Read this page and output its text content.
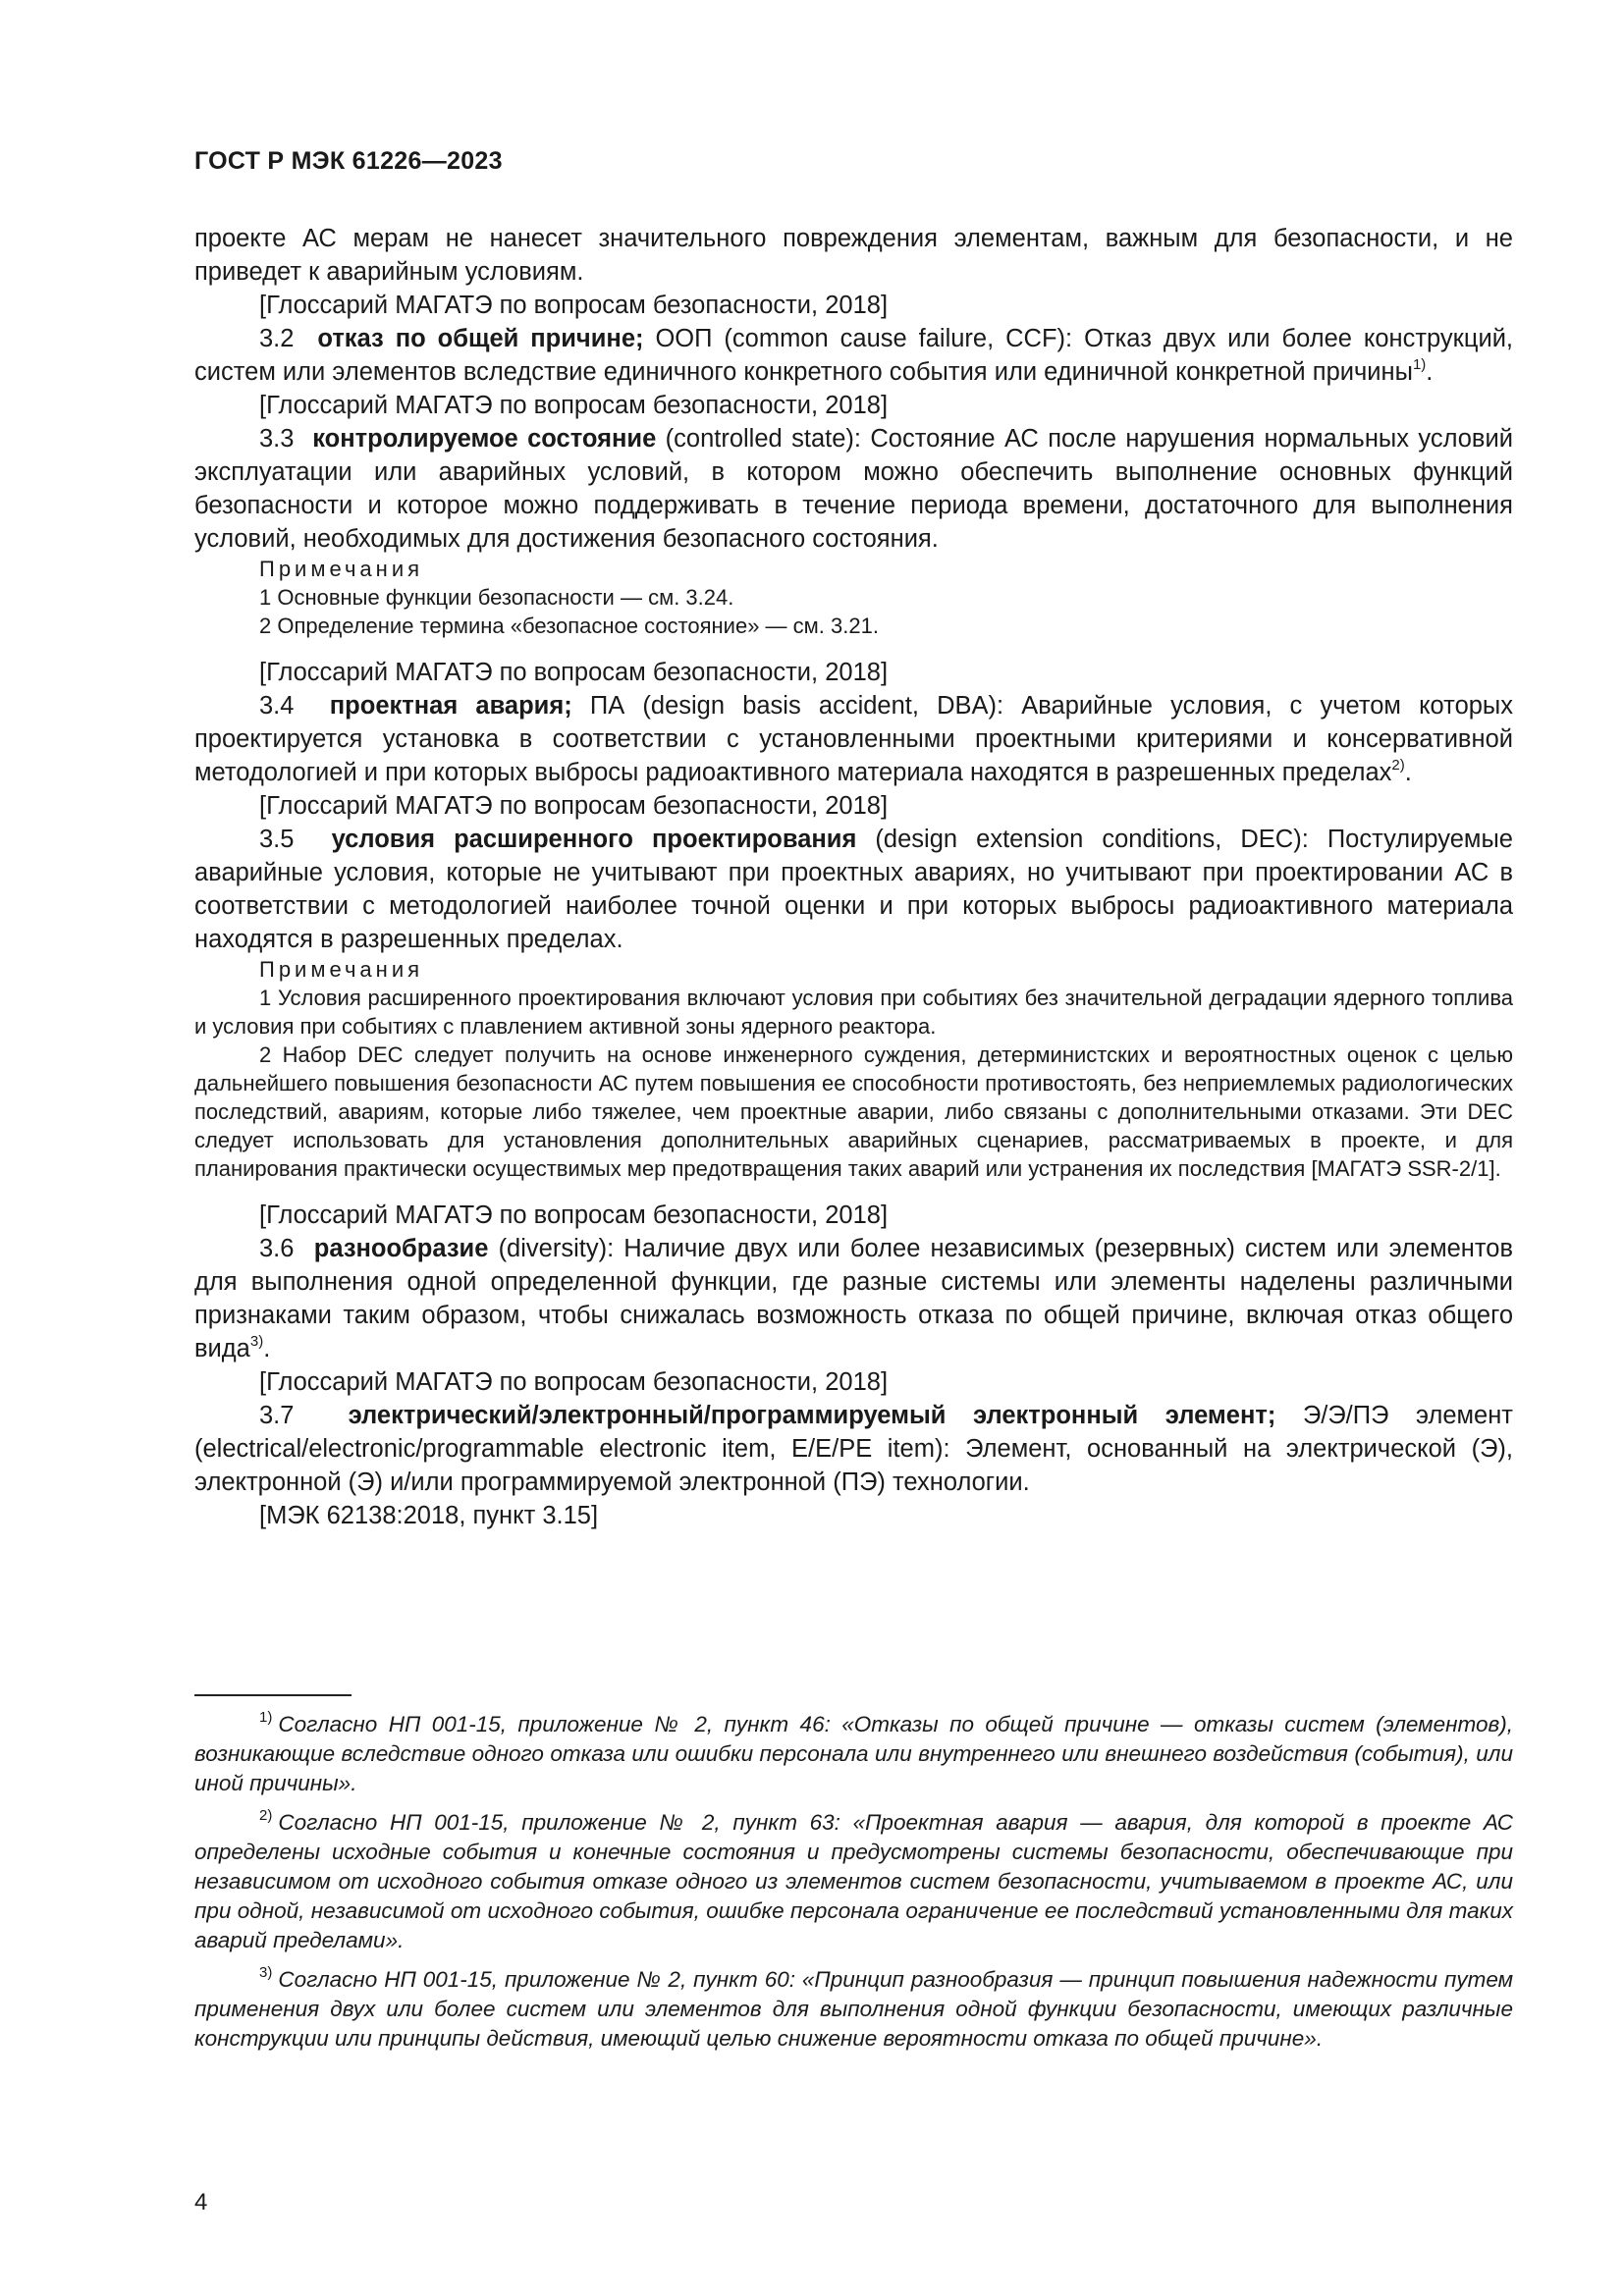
ГОСТ Р МЭК 61226—2023

проекте АС мерам не нанесет значительного повреждения элементам, важным для безопасности, и не приведет к аварийным условиям.

[Глоссарий МАГАТЭ по вопросам безопасности, 2018]

3.2 отказ по общей причине; ООП (common cause failure, CCF): Отказ двух или более конструкций, систем или элементов вследствие единичного конкретного события или единичной конкретной причины$^{1)}$.

[Глоссарий МАГАТЭ по вопросам безопасности, 2018]

3.3 контролируемое состояние (controlled state): Состояние АС после нарушения нормальных условий эксплуатации или аварийных условий, в котором можно обеспечить выполнение основных функций безопасности и которое можно поддерживать в течение периода времени, достаточного для выполнения условий, необходимых для достижения безопасного состояния.

Примечания

1 Основные функции безопасности — см. 3.24.

2 Определение термина «безопасное состояние» — см. 3.21.

[Глоссарий МАГАТЭ по вопросам безопасности, 2018]

3.4 проектная авария; ПА (design basis accident, DBA): Аварийные условия, с учетом которых проектируется установка в соответствии с установленными проектными критериями и консервативной методологией и при которых выбросы радиоактивного материала находятся в разрешенных пределах$^{2)}$.

[Глоссарий МАГАТЭ по вопросам безопасности, 2018]

3.5 условия расширенного проектирования (design extension conditions, DEC): Постулируемые аварийные условия, которые не учитывают при проектных авариях, но учитывают при проектировании АС в соответствии с методологией наиболее точной оценки и при которых выбросы радиоактивного материала находятся в разрешенных пределах.

Примечания

1 Условия расширенного проектирования включают условия при событиях без значительной деградации ядерного топлива и условия при событиях с плавлением активной зоны ядерного реактора.

2 Набор DEC следует получить на основе инженерного суждения, детерминистских и вероятностных оценок с целью дальнейшего повышения безопасности АС путем повышения ее способности противостоять, без неприемлемых радиологических последствий, авариям, которые либо тяжелее, чем проектные аварии, либо связаны с дополнительными отказами. Эти DEC следует использовать для установления дополнительных аварийных сценариев, рассматриваемых в проекте, и для планирования практически осуществимых мер предотвращения таких аварий или устранения их последствия [МАГАТЭ SSR-2/1].

[Глоссарий МАГАТЭ по вопросам безопасности, 2018]

3.6 разнообразие (diversity): Наличие двух или более независимых (резервных) систем или элементов для выполнения одной определенной функции, где разные системы или элементы наделены различными признаками таким образом, чтобы снижалась возможность отказа по общей причине, включая отказ общего вида$^{3)}$.

[Глоссарий МАГАТЭ по вопросам безопасности, 2018]

3.7 электрический/электронный/программируемый электронный элемент; Э/Э/ПЭ элемент (electrical/electronic/programmable electronic item, E/E/PE item): Элемент, основанный на электрической (Э), электронной (Э) и/или программируемой электронной (ПЭ) технологии.

[МЭК 62138:2018, пункт 3.15]

$^{1)}$ Согласно НП 001-15, приложение № 2, пункт 46: «Отказы по общей причине — отказы систем (элементов), возникающие вследствие одного отказа или ошибки персонала или внутреннего или внешнего воздействия (события), или иной причины».

$^{2)}$ Согласно НП 001-15, приложение № 2, пункт 63: «Проектная авария — авария, для которой в проекте АС определены исходные события и конечные состояния и предусмотрены системы безопасности, обеспечивающие при независимом от исходного события отказе одного из элементов систем безопасности, учитываемом в проекте АС, или при одной, независимой от исходного события, ошибке персонала ограничение ее последствий установленными для таких аварий пределами».

$^{3)}$ Согласно НП 001-15, приложение № 2, пункт 60: «Принцип разнообразия — принцип повышения надежности путем применения двух или более систем или элементов для выполнения одной функции безопасности, имеющих различные конструкции или принципы действия, имеющий целью снижение вероятности отказа по общей причине».

4
